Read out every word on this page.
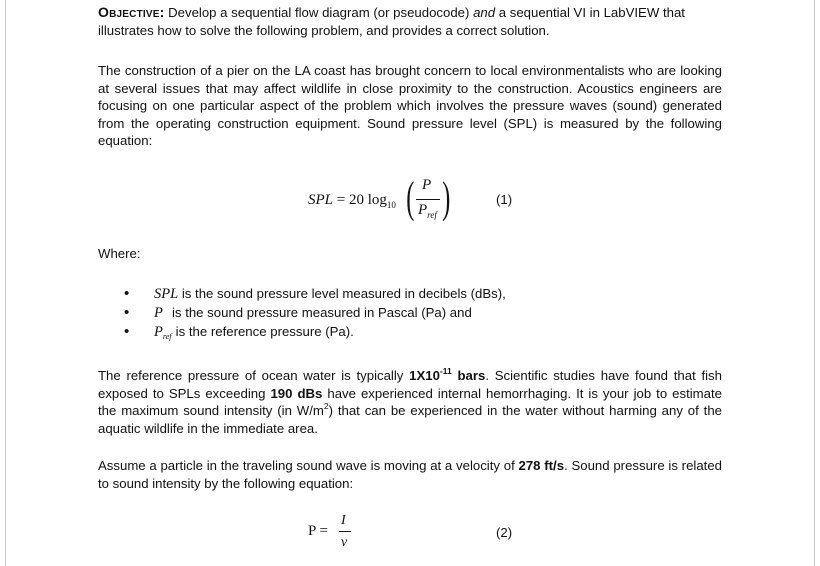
Objective: Develop a sequential flow diagram (or pseudocode) and a sequential VI in LabVIEW that illustrates how to solve the following problem, and provides a correct solution.

The construction of a pier on the LA coast has brought concern to local environmentalists who are looking at several issues that may affect wildlife in close proximity to the construction. Acoustics engineers are focusing on one particular aspect of the problem which involves the pressure waves (sound) generated from the operating construction equipment. Sound pressure level (SPL) is measured by the following equation:

SPL = 20 $\log_{10}$ ( P
$P_{ref}$ )	(1)

Where:

• SPL is the sound pressure level measured in decibels (dBs),
• P is the sound pressure measured in Pascal (Pa) and
• $P_{ref}$ is the reference pressure (Pa).

The reference pressure of ocean water is typically $1X10^{-11}$ bars. Scientific studies have found that fish exposed to SPLs exceeding 190 dBs have experienced internal hemorrhaging. It is your job to estimate the maximum sound intensity (in $W/m^2$) that can be experienced in the water without harming any of the aquatic wildlife in the immediate area.

Assume a particle in the traveling sound wave is moving at a velocity of 278 ft/s. Sound pressure is related to sound intensity by the following equation:

P =
I
v
(2)
